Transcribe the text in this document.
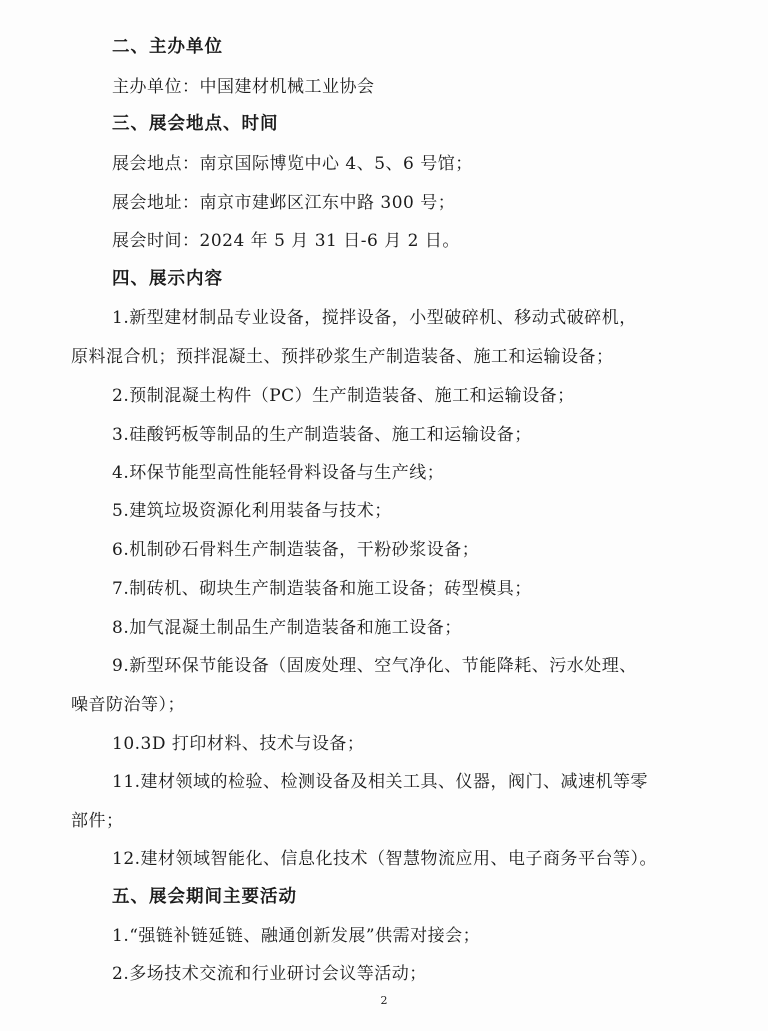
二、主办单位
主办单位：中国建材机械工业协会
三、展会地点、时间
展会地点：南京国际博览中心 4、5、6 号馆；
展会地址：南京市建邺区江东中路 300 号；
展会时间：2024 年 5 月 31 日-6 月 2 日。
四、展示内容
1.新型建材制品专业设备，搅拌设备，小型破碎机、移动式破碎机，
原料混合机；预拌混凝土、预拌砂浆生产制造装备、施工和运输设备；
2.预制混凝土构件（PC）生产制造装备、施工和运输设备；
3.硅酸钙板等制品的生产制造装备、施工和运输设备；
4.环保节能型高性能轻骨料设备与生产线；
5.建筑垃圾资源化利用装备与技术；
6.机制砂石骨料生产制造装备，干粉砂浆设备；
7.制砖机、砌块生产制造装备和施工设备；砖型模具；
8.加气混凝土制品生产制造装备和施工设备；
9.新型环保节能设备（固废处理、空气净化、节能降耗、污水处理、
噪音防治等）；
10.3D 打印材料、技术与设备；
11.建材领域的检验、检测设备及相关工具、仪器，阀门、减速机等零
部件；
12.建材领域智能化、信息化技术（智慧物流应用、电子商务平台等）。
五、展会期间主要活动
1.“强链补链延链、融通创新发展”供需对接会；
2.多场技术交流和行业研讨会议等活动；
2
